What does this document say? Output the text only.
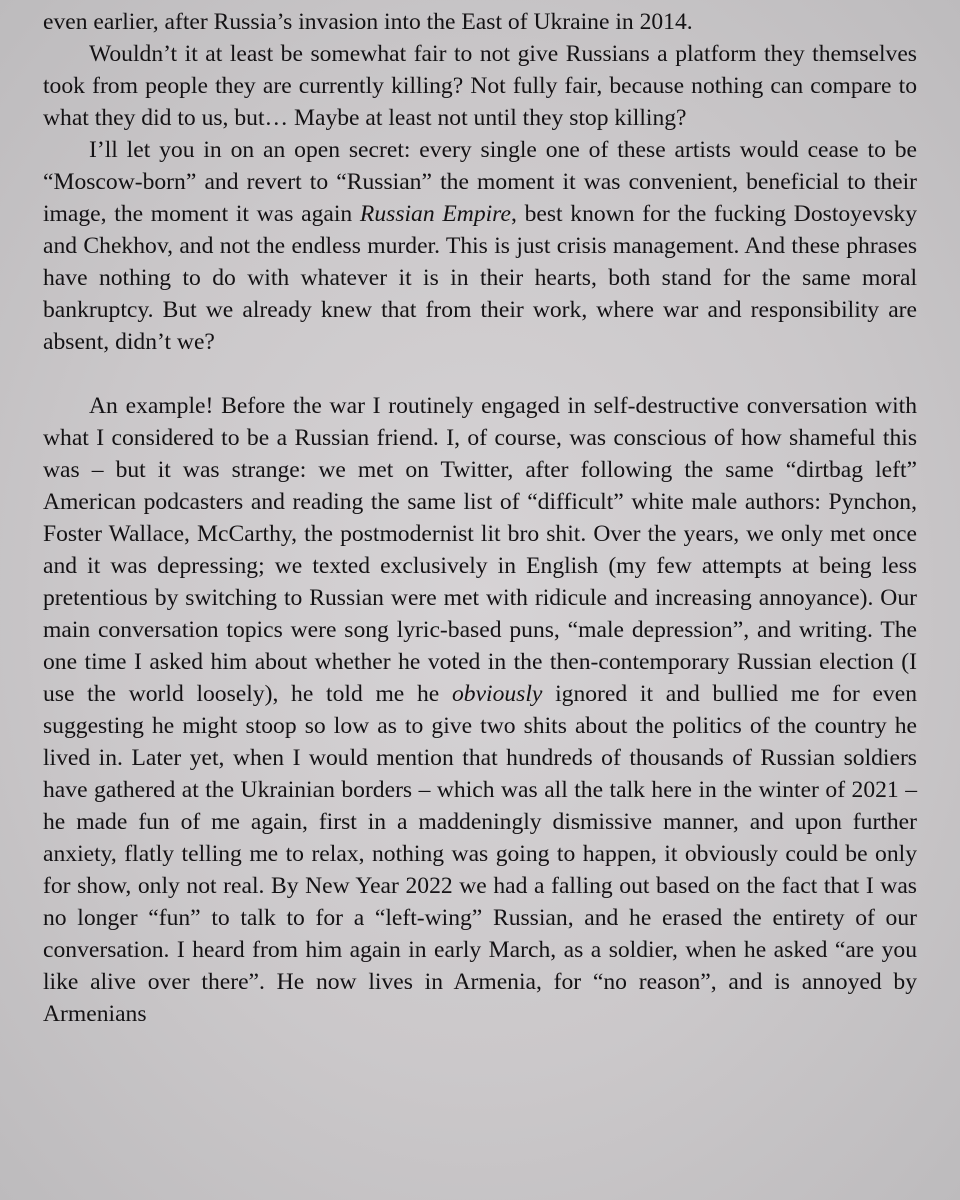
even earlier, after Russia’s invasion into the East of Ukraine in 2014.

Wouldn’t it at least be somewhat fair to not give Russians a platform they themselves took from people they are currently killing? Not fully fair, because nothing can compare to what they did to us, but… Maybe at least not until they stop killing?

I’ll let you in on an open secret: every single one of these artists would cease to be “Moscow-born” and revert to “Russian” the moment it was convenient, beneficial to their image, the moment it was again Russian Empire, best known for the fucking Dostoyevsky and Chekhov, and not the endless murder. This is just crisis management. And these phrases have nothing to do with whatever it is in their hearts, both stand for the same moral bankruptcy. But we already knew that from their work, where war and responsibility are absent, didn’t we?

An example! Before the war I routinely engaged in self-destructive conversation with what I considered to be a Russian friend. I, of course, was conscious of how shameful this was – but it was strange: we met on Twitter, after following the same “dirtbag left” American podcasters and reading the same list of “difficult” white male authors: Pynchon, Foster Wallace, McCarthy, the postmodernist lit bro shit. Over the years, we only met once and it was depressing; we texted exclusively in English (my few attempts at being less pretentious by switching to Russian were met with ridicule and increasing annoyance). Our main conversation topics were song lyric-based puns, “male depression”, and writing. The one time I asked him about whether he voted in the then-contemporary Russian election (I use the world loosely), he told me he obviously ignored it and bullied me for even suggesting he might stoop so low as to give two shits about the politics of the country he lived in. Later yet, when I would mention that hundreds of thousands of Russian soldiers have gathered at the Ukrainian borders – which was all the talk here in the winter of 2021 – he made fun of me again, first in a maddeningly dismissive manner, and upon further anxiety, flatly telling me to relax, nothing was going to happen, it obviously could be only for show, only not real. By New Year 2022 we had a falling out based on the fact that I was no longer “fun” to talk to for a “left-wing” Russian, and he erased the entirety of our conversation. I heard from him again in early March, as a soldier, when he asked “are you like alive over there”. He now lives in Armenia, for “no reason”, and is annoyed by Armenians
